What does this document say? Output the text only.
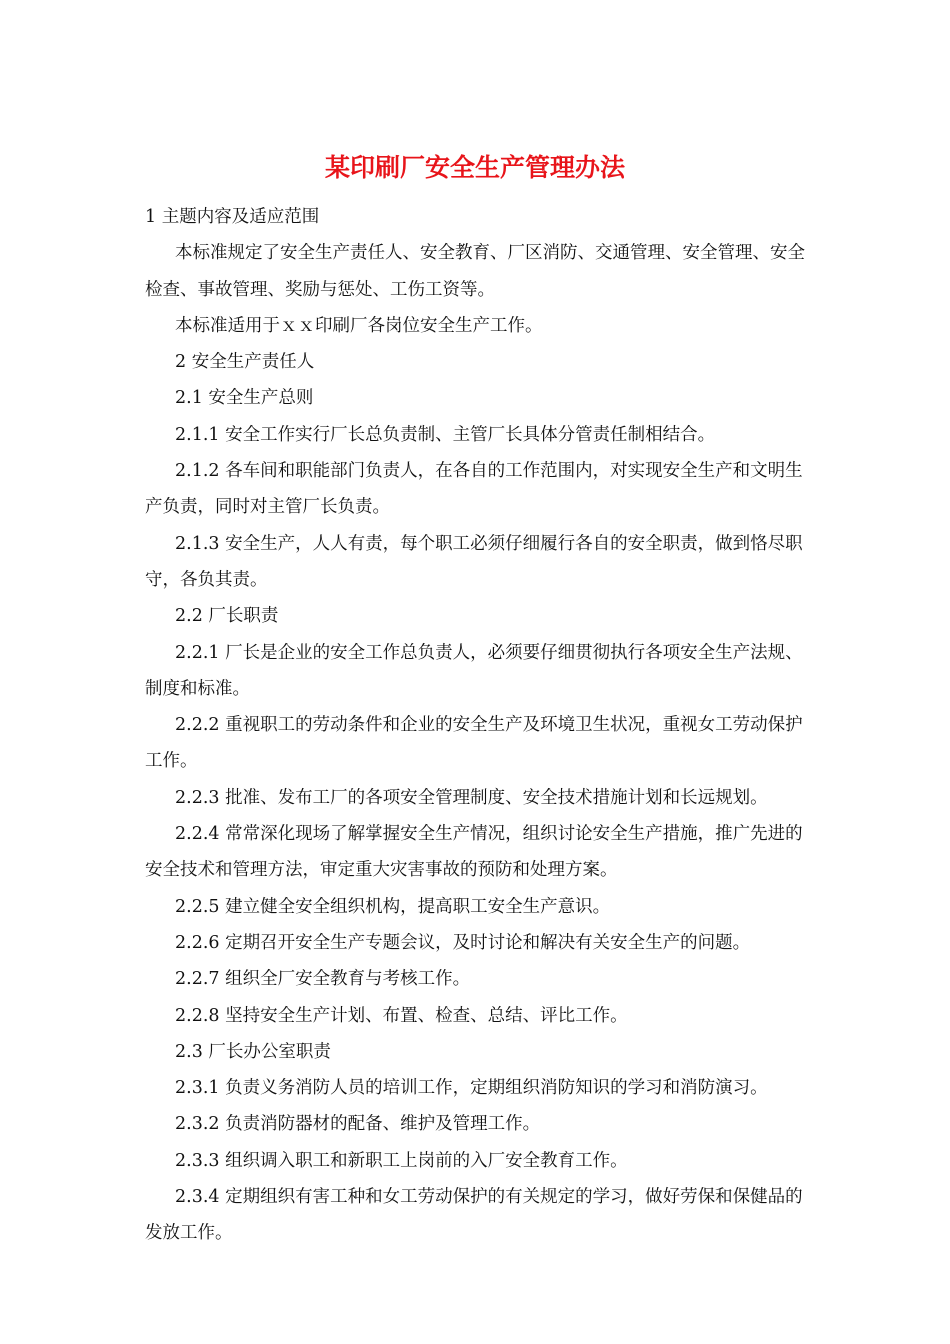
某印刷厂安全生产管理办法

1 主题内容及适应范围

本标准规定了安全生产责任人、安全教育、厂区消防、交通管理、安全管理、安全检查、事故管理、奖励与惩处、工伤工资等。

本标准适用于ｘｘ印刷厂各岗位安全生产工作。

2 安全生产责任人

2.1 安全生产总则

2.1.1 安全工作实行厂长总负责制、主管厂长具体分管责任制相结合。

2.1.2 各车间和职能部门负责人，在各自的工作范围内，对实现安全生产和文明生产负责，同时对主管厂长负责。

2.1.3 安全生产，人人有责，每个职工必须仔细履行各自的安全职责，做到恪尽职守，各负其责。

2.2 厂长职责

2.2.1 厂长是企业的安全工作总负责人，必须要仔细贯彻执行各项安全生产法规、制度和标准。

2.2.2 重视职工的劳动条件和企业的安全生产及环境卫生状况，重视女工劳动保护工作。

2.2.3 批准、发布工厂的各项安全管理制度、安全技术措施计划和长远规划。

2.2.4 常常深化现场了解掌握安全生产情况，组织讨论安全生产措施，推广先进的安全技术和管理方法，审定重大灾害事故的预防和处理方案。

2.2.5 建立健全安全组织机构，提高职工安全生产意识。

2.2.6 定期召开安全生产专题会议，及时讨论和解决有关安全生产的问题。

2.2.7 组织全厂安全教育与考核工作。

2.2.8 坚持安全生产计划、布置、检查、总结、评比工作。

2.3 厂长办公室职责

2.3.1 负责义务消防人员的培训工作，定期组织消防知识的学习和消防演习。

2.3.2 负责消防器材的配备、维护及管理工作。

2.3.3 组织调入职工和新职工上岗前的入厂安全教育工作。

2.3.4 定期组织有害工种和女工劳动保护的有关规定的学习，做好劳保和保健品的发放工作。
